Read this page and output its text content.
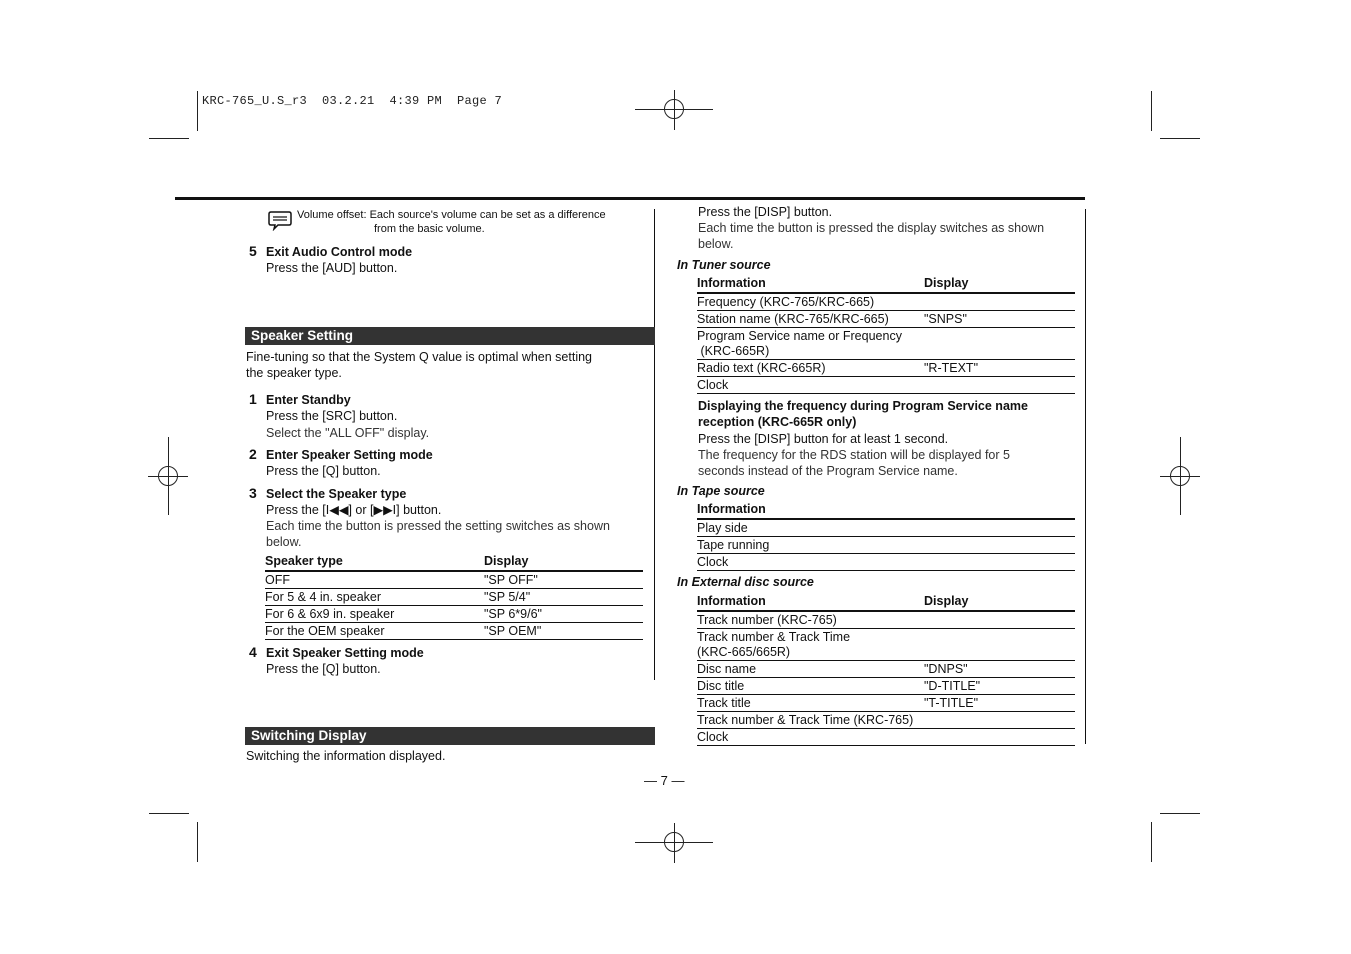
KRC-765_U.S_r3  03.2.21  4:39 PM  Page 7
Volume offset: Each source's volume can be set as a difference
from the basic volume.
5 Exit Audio Control mode
Press the [AUD] button.
Speaker Setting
Fine-tuning so that the System Q value is optimal when setting
the speaker type.
1 Enter Standby
Press the [SRC] button.
Select the "ALL OFF" display.
2 Enter Speaker Setting mode
Press the [Q] button.
3 Select the Speaker type
Press the [I◀◀] or [▶▶I] button.
Each time the button is pressed the setting switches as shown
below.
Speaker type	Display
OFF	"SP OFF"
For 5 & 4 in. speaker	"SP 5/4"
For 6 & 6x9 in. speaker	"SP 6*9/6"
For the OEM speaker	"SP OEM"
4 Exit Speaker Setting mode
Press the [Q] button.
Switching Display
Switching the information displayed.
Press the [DISP] button.
Each time the button is pressed the display switches as shown
below.
In Tuner source
Information	Display
Frequency (KRC-765/KRC-665)
Station name (KRC-765/KRC-665)	"SNPS"
Program Service name or Frequency
(KRC-665R)
Radio text (KRC-665R)	"R-TEXT"
Clock
Displaying the frequency during Program Service name
reception (KRC-665R only)
Press the [DISP] button for at least 1 second.
The frequency for the RDS station will be displayed for 5
seconds instead of the Program Service name.
In Tape source
Information
Play side
Tape running
Clock
In External disc source
Information	Display
Track number (KRC-765)
Track number & Track Time
(KRC-665/665R)
Disc name	"DNPS"
Disc title	"D-TITLE"
Track title	"T-TITLE"
Track number & Track Time (KRC-765)
Clock
— 7 —
